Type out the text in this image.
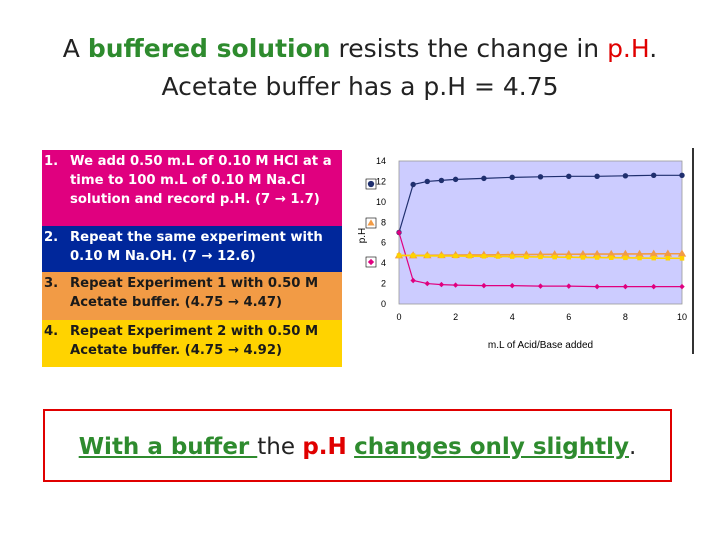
A buffered solution resists the change in p.H.
Acetate buffer has a p.H = 4.75
1. We add 0.50 m.L of 0.10 M HCl at a time to 100 m.L of 0.10 M Na.Cl solution and record p.H. (7 → 1.7)
2. Repeat the same experiment with 0.10 M Na.OH. (7 → 12.6)
3. Repeat Experiment 1 with 0.50 M Acetate buffer. (4.75 → 4.47)
4. Repeat Experiment 2 with 0.50 M Acetate buffer. (4.75 → 4.92)
0
2
4
6
8
10
12
14
0	2	4	6	8	10
p.H
m.L of Acid/Base added
With a buffer the p.H changes only slightly.
